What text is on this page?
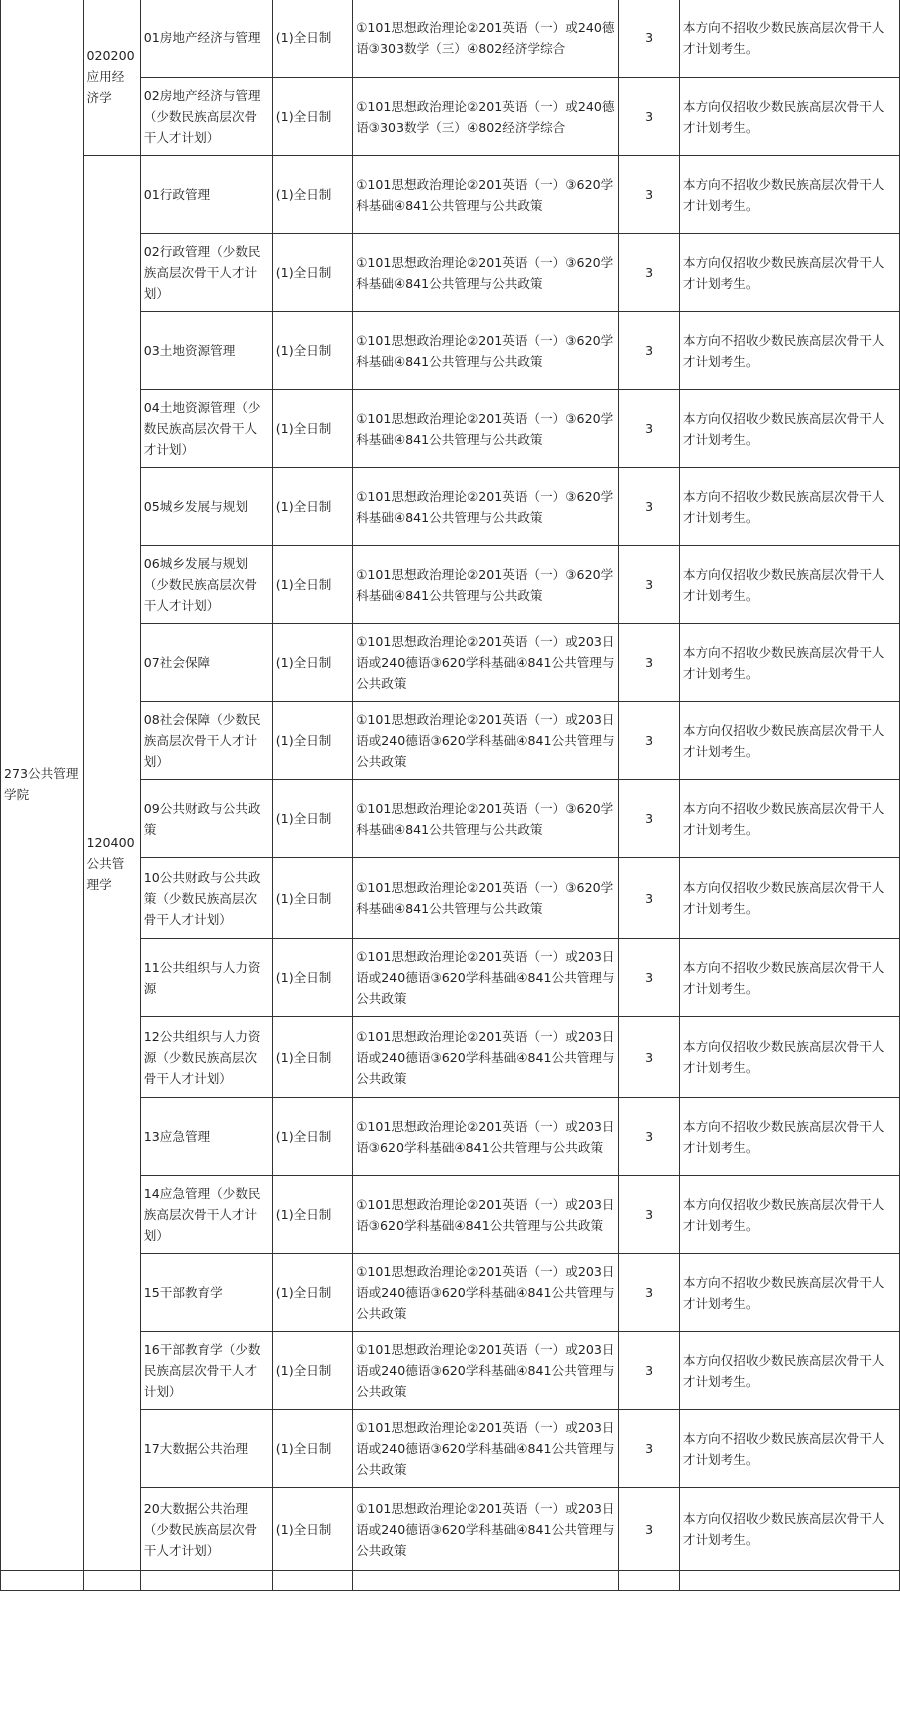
273公共管理学院	020200应用经济学	01房地产经济与管理	(1)全日制	①101思想政治理论②201英语（一）或240德语③303数学（三）④802经济学综合	3	本方向不招收少数民族高层次骨干人才计划考生。
		02房地产经济与管理（少数民族高层次骨干人才计划）	(1)全日制	①101思想政治理论②201英语（一）或240德语③303数学（三）④802经济学综合	3	本方向仅招收少数民族高层次骨干人才计划考生。
	120400公共管理学	01行政管理	(1)全日制	①101思想政治理论②201英语（一）③620学科基础④841公共管理与公共政策	3	本方向不招收少数民族高层次骨干人才计划考生。
		02行政管理（少数民族高层次骨干人才计划）	(1)全日制	①101思想政治理论②201英语（一）③620学科基础④841公共管理与公共政策	3	本方向仅招收少数民族高层次骨干人才计划考生。
		03土地资源管理	(1)全日制	①101思想政治理论②201英语（一）③620学科基础④841公共管理与公共政策	3	本方向不招收少数民族高层次骨干人才计划考生。
		04土地资源管理（少数民族高层次骨干人才计划）	(1)全日制	①101思想政治理论②201英语（一）③620学科基础④841公共管理与公共政策	3	本方向仅招收少数民族高层次骨干人才计划考生。
		05城乡发展与规划	(1)全日制	①101思想政治理论②201英语（一）③620学科基础④841公共管理与公共政策	3	本方向不招收少数民族高层次骨干人才计划考生。
		06城乡发展与规划（少数民族高层次骨干人才计划）	(1)全日制	①101思想政治理论②201英语（一）③620学科基础④841公共管理与公共政策	3	本方向仅招收少数民族高层次骨干人才计划考生。
		07社会保障	(1)全日制	①101思想政治理论②201英语（一）或203日语或240德语③620学科基础④841公共管理与公共政策	3	本方向不招收少数民族高层次骨干人才计划考生。
		08社会保障（少数民族高层次骨干人才计划）	(1)全日制	①101思想政治理论②201英语（一）或203日语或240德语③620学科基础④841公共管理与公共政策	3	本方向仅招收少数民族高层次骨干人才计划考生。
		09公共财政与公共政策	(1)全日制	①101思想政治理论②201英语（一）③620学科基础④841公共管理与公共政策	3	本方向不招收少数民族高层次骨干人才计划考生。
		10公共财政与公共政策（少数民族高层次骨干人才计划）	(1)全日制	①101思想政治理论②201英语（一）③620学科基础④841公共管理与公共政策	3	本方向仅招收少数民族高层次骨干人才计划考生。
		11公共组织与人力资源	(1)全日制	①101思想政治理论②201英语（一）或203日语或240德语③620学科基础④841公共管理与公共政策	3	本方向不招收少数民族高层次骨干人才计划考生。
		12公共组织与人力资源（少数民族高层次骨干人才计划）	(1)全日制	①101思想政治理论②201英语（一）或203日语或240德语③620学科基础④841公共管理与公共政策	3	本方向仅招收少数民族高层次骨干人才计划考生。
		13应急管理	(1)全日制	①101思想政治理论②201英语（一）或203日语③620学科基础④841公共管理与公共政策	3	本方向不招收少数民族高层次骨干人才计划考生。
		14应急管理（少数民族高层次骨干人才计划）	(1)全日制	①101思想政治理论②201英语（一）或203日语③620学科基础④841公共管理与公共政策	3	本方向仅招收少数民族高层次骨干人才计划考生。
		15干部教育学	(1)全日制	①101思想政治理论②201英语（一）或203日语或240德语③620学科基础④841公共管理与公共政策	3	本方向不招收少数民族高层次骨干人才计划考生。
		16干部教育学（少数民族高层次骨干人才计划）	(1)全日制	①101思想政治理论②201英语（一）或203日语或240德语③620学科基础④841公共管理与公共政策	3	本方向仅招收少数民族高层次骨干人才计划考生。
		17大数据公共治理	(1)全日制	①101思想政治理论②201英语（一）或203日语或240德语③620学科基础④841公共管理与公共政策	3	本方向不招收少数民族高层次骨干人才计划考生。
		20大数据公共治理（少数民族高层次骨干人才计划）	(1)全日制	①101思想政治理论②201英语（一）或203日语或240德语③620学科基础④841公共管理与公共政策	3	本方向仅招收少数民族高层次骨干人才计划考生。
